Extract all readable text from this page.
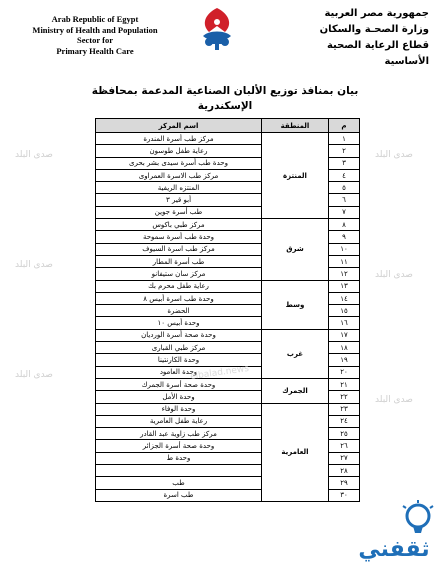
Arab Republic of Egypt
Ministry of Health and Population
Sector for
Primary Health Care
جمهورية مصر العربية
وزارة الصحـة والسكان
قطاع الرعاية الصحية الأساسية
بيان بمنافذ توزيع الألبان الصناعية المدعمة بمحافظة
الإسكندرية
اسم المركز	المنطقة	م
مركز طب أسرة المندرة	المنتزة	١
رعاية طفل طوسون		٢
وحدة طب أسرة سيدى بشر بحرى		٣
مركز طب الاسرة العمراوى		٤
المنتزه الريفية		٥
أبو قير ٣		٦
طب أسرة جوين		٧
مركز طبي باكوس	شرق	٨
وحدة طب أسرة سموحة		٩
مركز طب اسرة السيوف		١٠
طب أسرة المطار		١١
مركز سان ستيفانو		١٢
رعاية طفل محرم بك	وسط	١٣
وحدة طب اسرة أبيس ٨		١٤
الحضرة		١٥
وحدة أبيس ١٠		١٦
وحدة صحة أسرة الورديان	غرب	١٧
مركز طبي القبارى		١٨
وحدة الكارنتينا		١٩
وحدة العامود		٢٠
وحدة صحة أسرة الجمرك	الجمرك	٢١
وحدة الأمل		٢٢
وحدة الوفاء	العامرية	٢٣
رعاية طفل العامرية		٢٤
مركز طب زاوية عبد القادر		٢٥
وحدة صحة أسرة الجزائر		٢٦
وحدة ط		٢٧
		٢٨
طب		٢٩
طب اسرة		٣٠
صدى البلد
صدى البلد
صدى البلد
صدى البلد
صدى البلد
صدى البلد
elbalad.news
ثقفني
